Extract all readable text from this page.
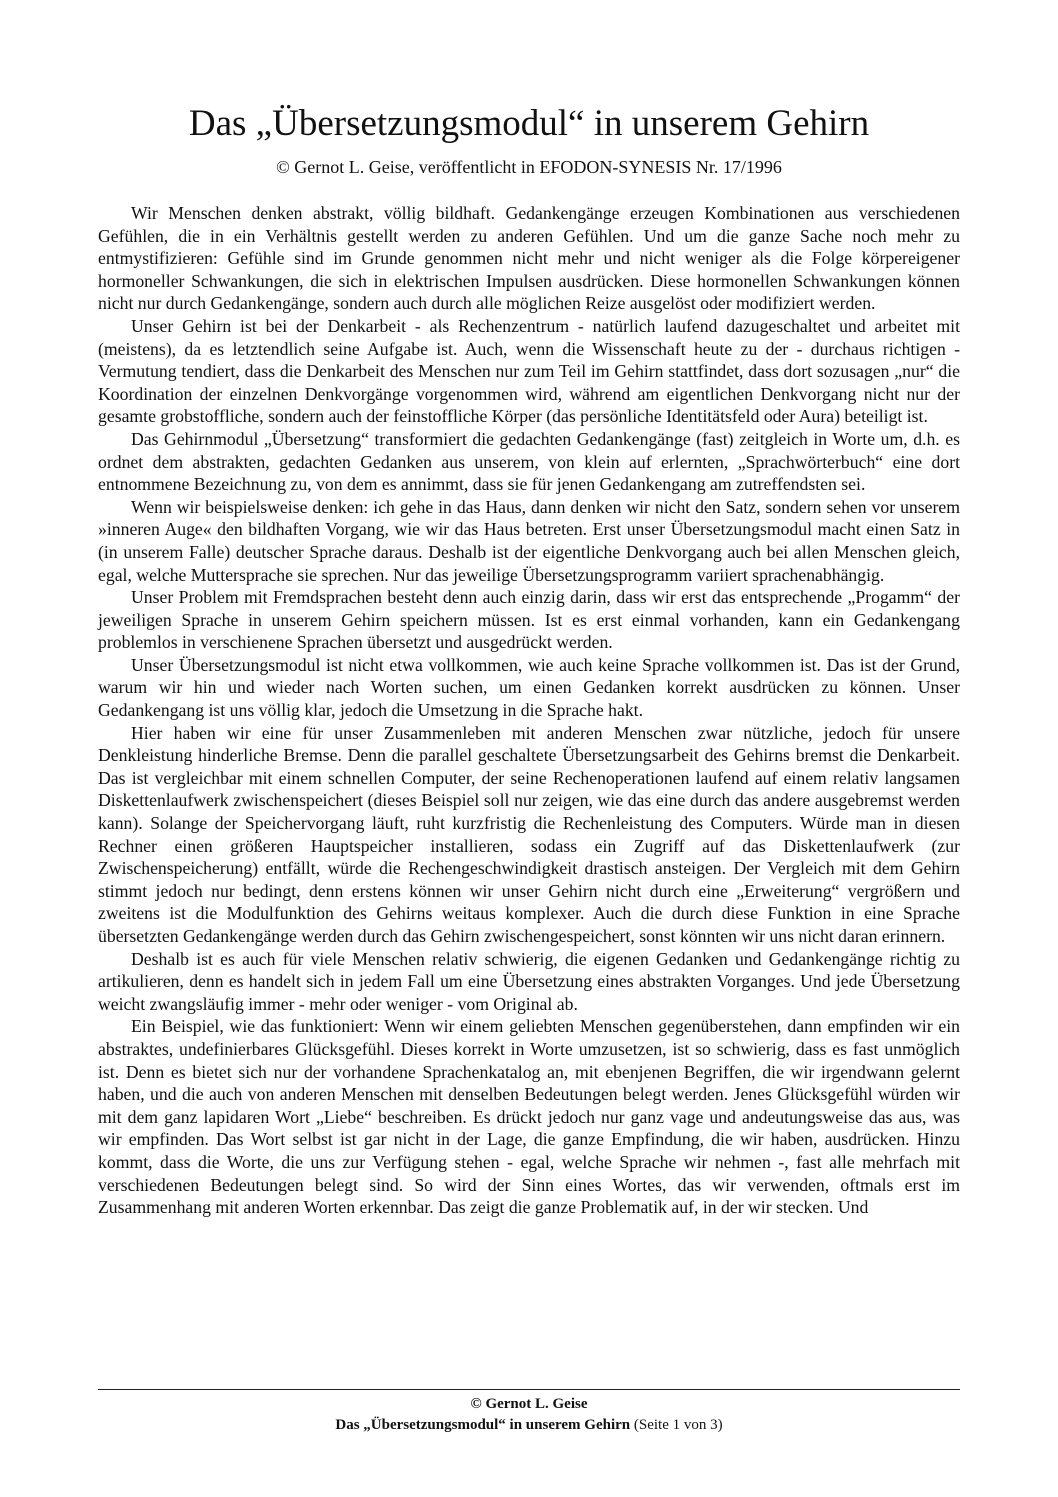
Das „Übersetzungsmodul“ in unserem Gehirn
© Gernot L. Geise, veröffentlicht in EFODON-SYNESIS Nr. 17/1996

Wir Menschen denken abstrakt, völlig bildhaft. Gedankengänge erzeugen Kombinationen aus verschiedenen Gefühlen, die in ein Verhältnis gestellt werden zu anderen Gefühlen. Und um die ganze Sache noch mehr zu entmystifizieren: Gefühle sind im Grunde genommen nicht mehr und nicht weniger als die Folge körpereigener hormoneller Schwankungen, die sich in elektrischen Impulsen ausdrücken. Diese hormonellen Schwankungen können nicht nur durch Gedankengänge, sondern auch durch alle möglichen Reize ausgelöst oder modifiziert werden.

Unser Gehirn ist bei der Denkarbeit - als Rechenzentrum - natürlich laufend dazugeschaltet und arbeitet mit (meistens), da es letztendlich seine Aufgabe ist. Auch, wenn die Wissenschaft heute zu der - durchaus richtigen - Vermutung tendiert, dass die Denkarbeit des Menschen nur zum Teil im Gehirn stattfindet, dass dort sozusagen „nur“ die Koordination der einzelnen Denkvorgänge vorgenommen wird, während am eigentlichen Denkvorgang nicht nur der gesamte grobstoffliche, sondern auch der feinstoffliche Körper (das persönliche Identitätsfeld oder Aura) beteiligt ist.

Das Gehirnmodul „Übersetzung“ transformiert die gedachten Gedankengänge (fast) zeitgleich in Worte um, d.h. es ordnet dem abstrakten, gedachten Gedanken aus unserem, von klein auf erlernten, „Sprachwörterbuch“ eine dort entnommene Bezeichnung zu, von dem es annimmt, dass sie für jenen Gedankengang am zutreffendsten sei.

Wenn wir beispielsweise denken: ich gehe in das Haus, dann denken wir nicht den Satz, sondern sehen vor unserem »inneren Auge« den bildhaften Vorgang, wie wir das Haus betreten. Erst unser Übersetzungsmodul macht einen Satz in (in unserem Falle) deutscher Sprache daraus. Deshalb ist der eigentliche Denkvorgang auch bei allen Menschen gleich, egal, welche Muttersprache sie sprechen. Nur das jeweilige Übersetzungsprogramm variiert sprachenabhängig.

Unser Problem mit Fremdsprachen besteht denn auch einzig darin, dass wir erst das entsprechende „Progamm“ der jeweiligen Sprache in unserem Gehirn speichern müssen. Ist es erst einmal vorhanden, kann ein Gedankengang problemlos in verschienene Sprachen übersetzt und ausgedrückt werden.

Unser Übersetzungsmodul ist nicht etwa vollkommen, wie auch keine Sprache vollkommen ist. Das ist der Grund, warum wir hin und wieder nach Worten suchen, um einen Gedanken korrekt ausdrücken zu können. Unser Gedankengang ist uns völlig klar, jedoch die Umsetzung in die Sprache hakt.

Hier haben wir eine für unser Zusammenleben mit anderen Menschen zwar nützliche, jedoch für unsere Denkleistung hinderliche Bremse. Denn die parallel geschaltete Übersetzungsarbeit des Gehirns bremst die Denkarbeit. Das ist vergleichbar mit einem schnellen Computer, der seine Rechenoperationen laufend auf einem relativ langsamen Diskettenlaufwerk zwischenspeichert (dieses Beispiel soll nur zeigen, wie das eine durch das andere ausgebremst werden kann). Solange der Speichervorgang läuft, ruht kurzfristig die Rechenleistung des Computers. Würde man in diesen Rechner einen größeren Hauptspeicher installieren, sodass ein Zugriff auf das Diskettenlaufwerk (zur Zwischenspeicherung) entfällt, würde die Rechengeschwindigkeit drastisch ansteigen. Der Vergleich mit dem Gehirn stimmt jedoch nur bedingt, denn erstens können wir unser Gehirn nicht durch eine „Erweiterung“ vergrößern und zweitens ist die Modulfunktion des Gehirns weitaus komplexer. Auch die durch diese Funktion in eine Sprache übersetzten Gedankengänge werden durch das Gehirn zwischengespeichert, sonst könnten wir uns nicht daran erinnern.

Deshalb ist es auch für viele Menschen relativ schwierig, die eigenen Gedanken und Gedankengänge richtig zu artikulieren, denn es handelt sich in jedem Fall um eine Übersetzung eines abstrakten Vorganges. Und jede Übersetzung weicht zwangsläufig immer - mehr oder weniger - vom Original ab.

Ein Beispiel, wie das funktioniert: Wenn wir einem geliebten Menschen gegenüberstehen, dann empfinden wir ein abstraktes, undefinierbares Glücksgefühl. Dieses korrekt in Worte umzusetzen, ist so schwierig, dass es fast unmöglich ist. Denn es bietet sich nur der vorhandene Sprachenkatalog an, mit ebenjenen Begriffen, die wir irgendwann gelernt haben, und die auch von anderen Menschen mit denselben Bedeutungen belegt werden. Jenes Glücksgefühl würden wir mit dem ganz lapidaren Wort „Liebe“ beschreiben. Es drückt jedoch nur ganz vage und andeutungsweise das aus, was wir empfinden. Das Wort selbst ist gar nicht in der Lage, die ganze Empfindung, die wir haben, ausdrücken. Hinzu kommt, dass die Worte, die uns zur Verfügung stehen - egal, welche Sprache wir nehmen -, fast alle mehrfach mit verschiedenen Bedeutungen belegt sind. So wird der Sinn eines Wortes, das wir verwenden, oftmals erst im Zusammenhang mit anderen Worten erkennbar. Das zeigt die ganze Problematik auf, in der wir stecken. Und

© Gernot L. Geise
Das „Übersetzungsmodul“ in unserem Gehirn (Seite 1 von 3)
